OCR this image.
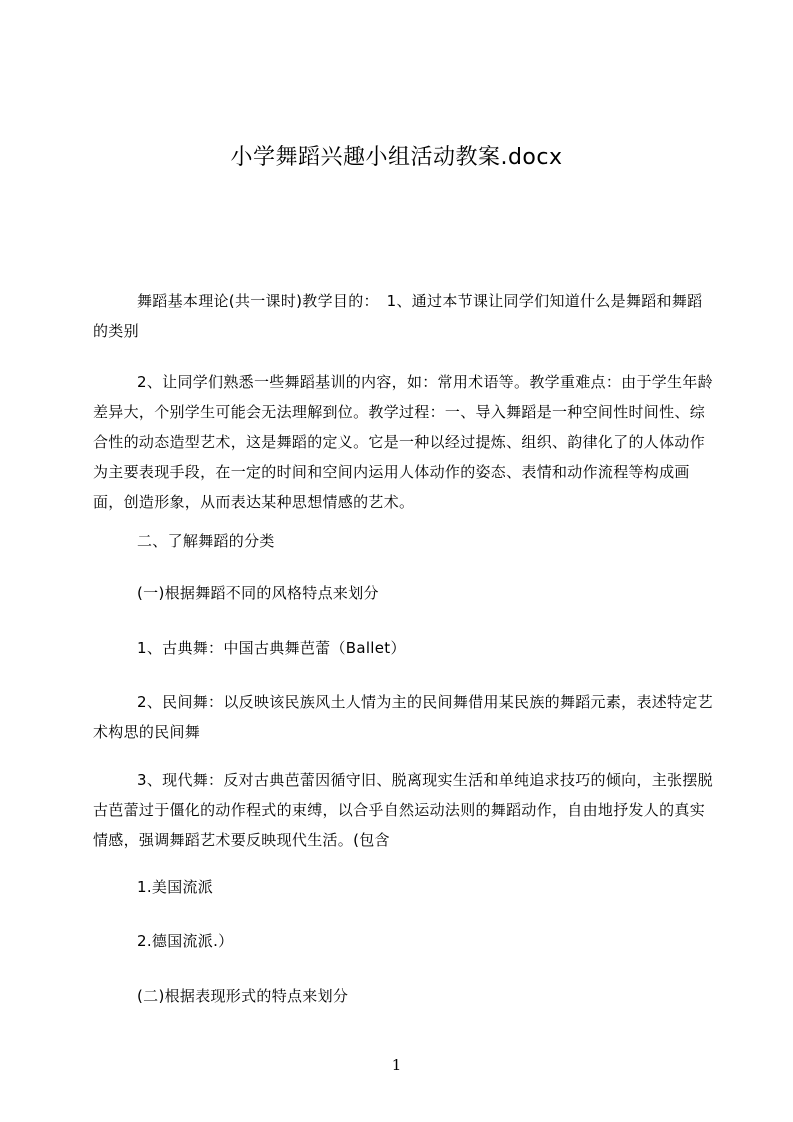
小学舞蹈兴趣小组活动教案.docx

舞蹈基本理论(共一课时)教学目的：　1、通过本节课让同学们知道什么是舞蹈和舞蹈的类别

2、让同学们熟悉一些舞蹈基训的内容，如：常用术语等。教学重难点：由于学生年龄差异大，个别学生可能会无法理解到位。教学过程：一、导入舞蹈是一种空间性时间性、综合性的动态造型艺术，这是舞蹈的定义。它是一种以经过提炼、组织、韵律化了的人体动作为主要表现手段，在一定的时间和空间内运用人体动作的姿态、表情和动作流程等构成画面，创造形象，从而表达某种思想情感的艺术。

二、了解舞蹈的分类

(一)根据舞蹈不同的风格特点来划分

1、古典舞：中国古典舞芭蕾（Ballet）

2、民间舞：以反映该民族风土人情为主的民间舞借用某民族的舞蹈元素，表述特定艺术构思的民间舞

3、现代舞：反对古典芭蕾因循守旧、脱离现实生活和单纯追求技巧的倾向，主张摆脱古芭蕾过于僵化的动作程式的束缚，以合乎自然运动法则的舞蹈动作，自由地抒发人的真实情感，强调舞蹈艺术要反映现代生活。(包含

1.美国流派

2.德国流派.）

(二)根据表现形式的特点来划分

1
